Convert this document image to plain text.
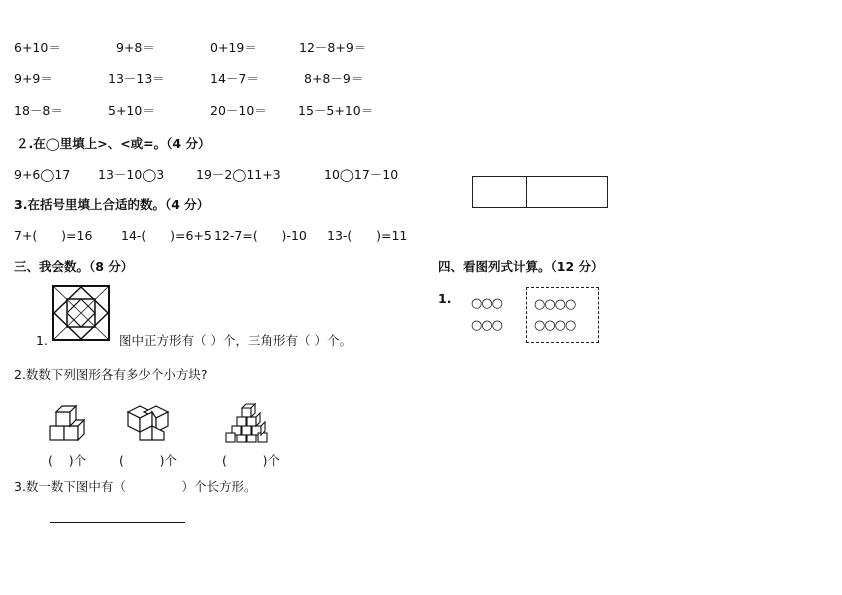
6+10＝	9+8＝	0+19＝	12－8+9＝
9+9＝	13－13＝	14－7＝	8+8－9＝
18－8＝	5+10＝	20－10＝ 15－5+10＝
２.在◯里填上>、<或=。（4 分）
9+6◯17 13－10◯3	19－2◯11+3	10◯17－10
3.在括号里填上合适的数。（4 分）
7+(      )=16 14-(      )=6+5 12-7=(      )-10 13-(      )=11
三、我会数。（8 分）
1.	图中正方形有（ ）个，三角形有（ ）个。
2.数数下列图形各有多少个小方块?
(    )个	(         )个	(         )个
3.数一数下图中有（              ）个长方形。
四、看图列式计算。（12 分）
1. ○○○
○○○
○○○○
○○○○
